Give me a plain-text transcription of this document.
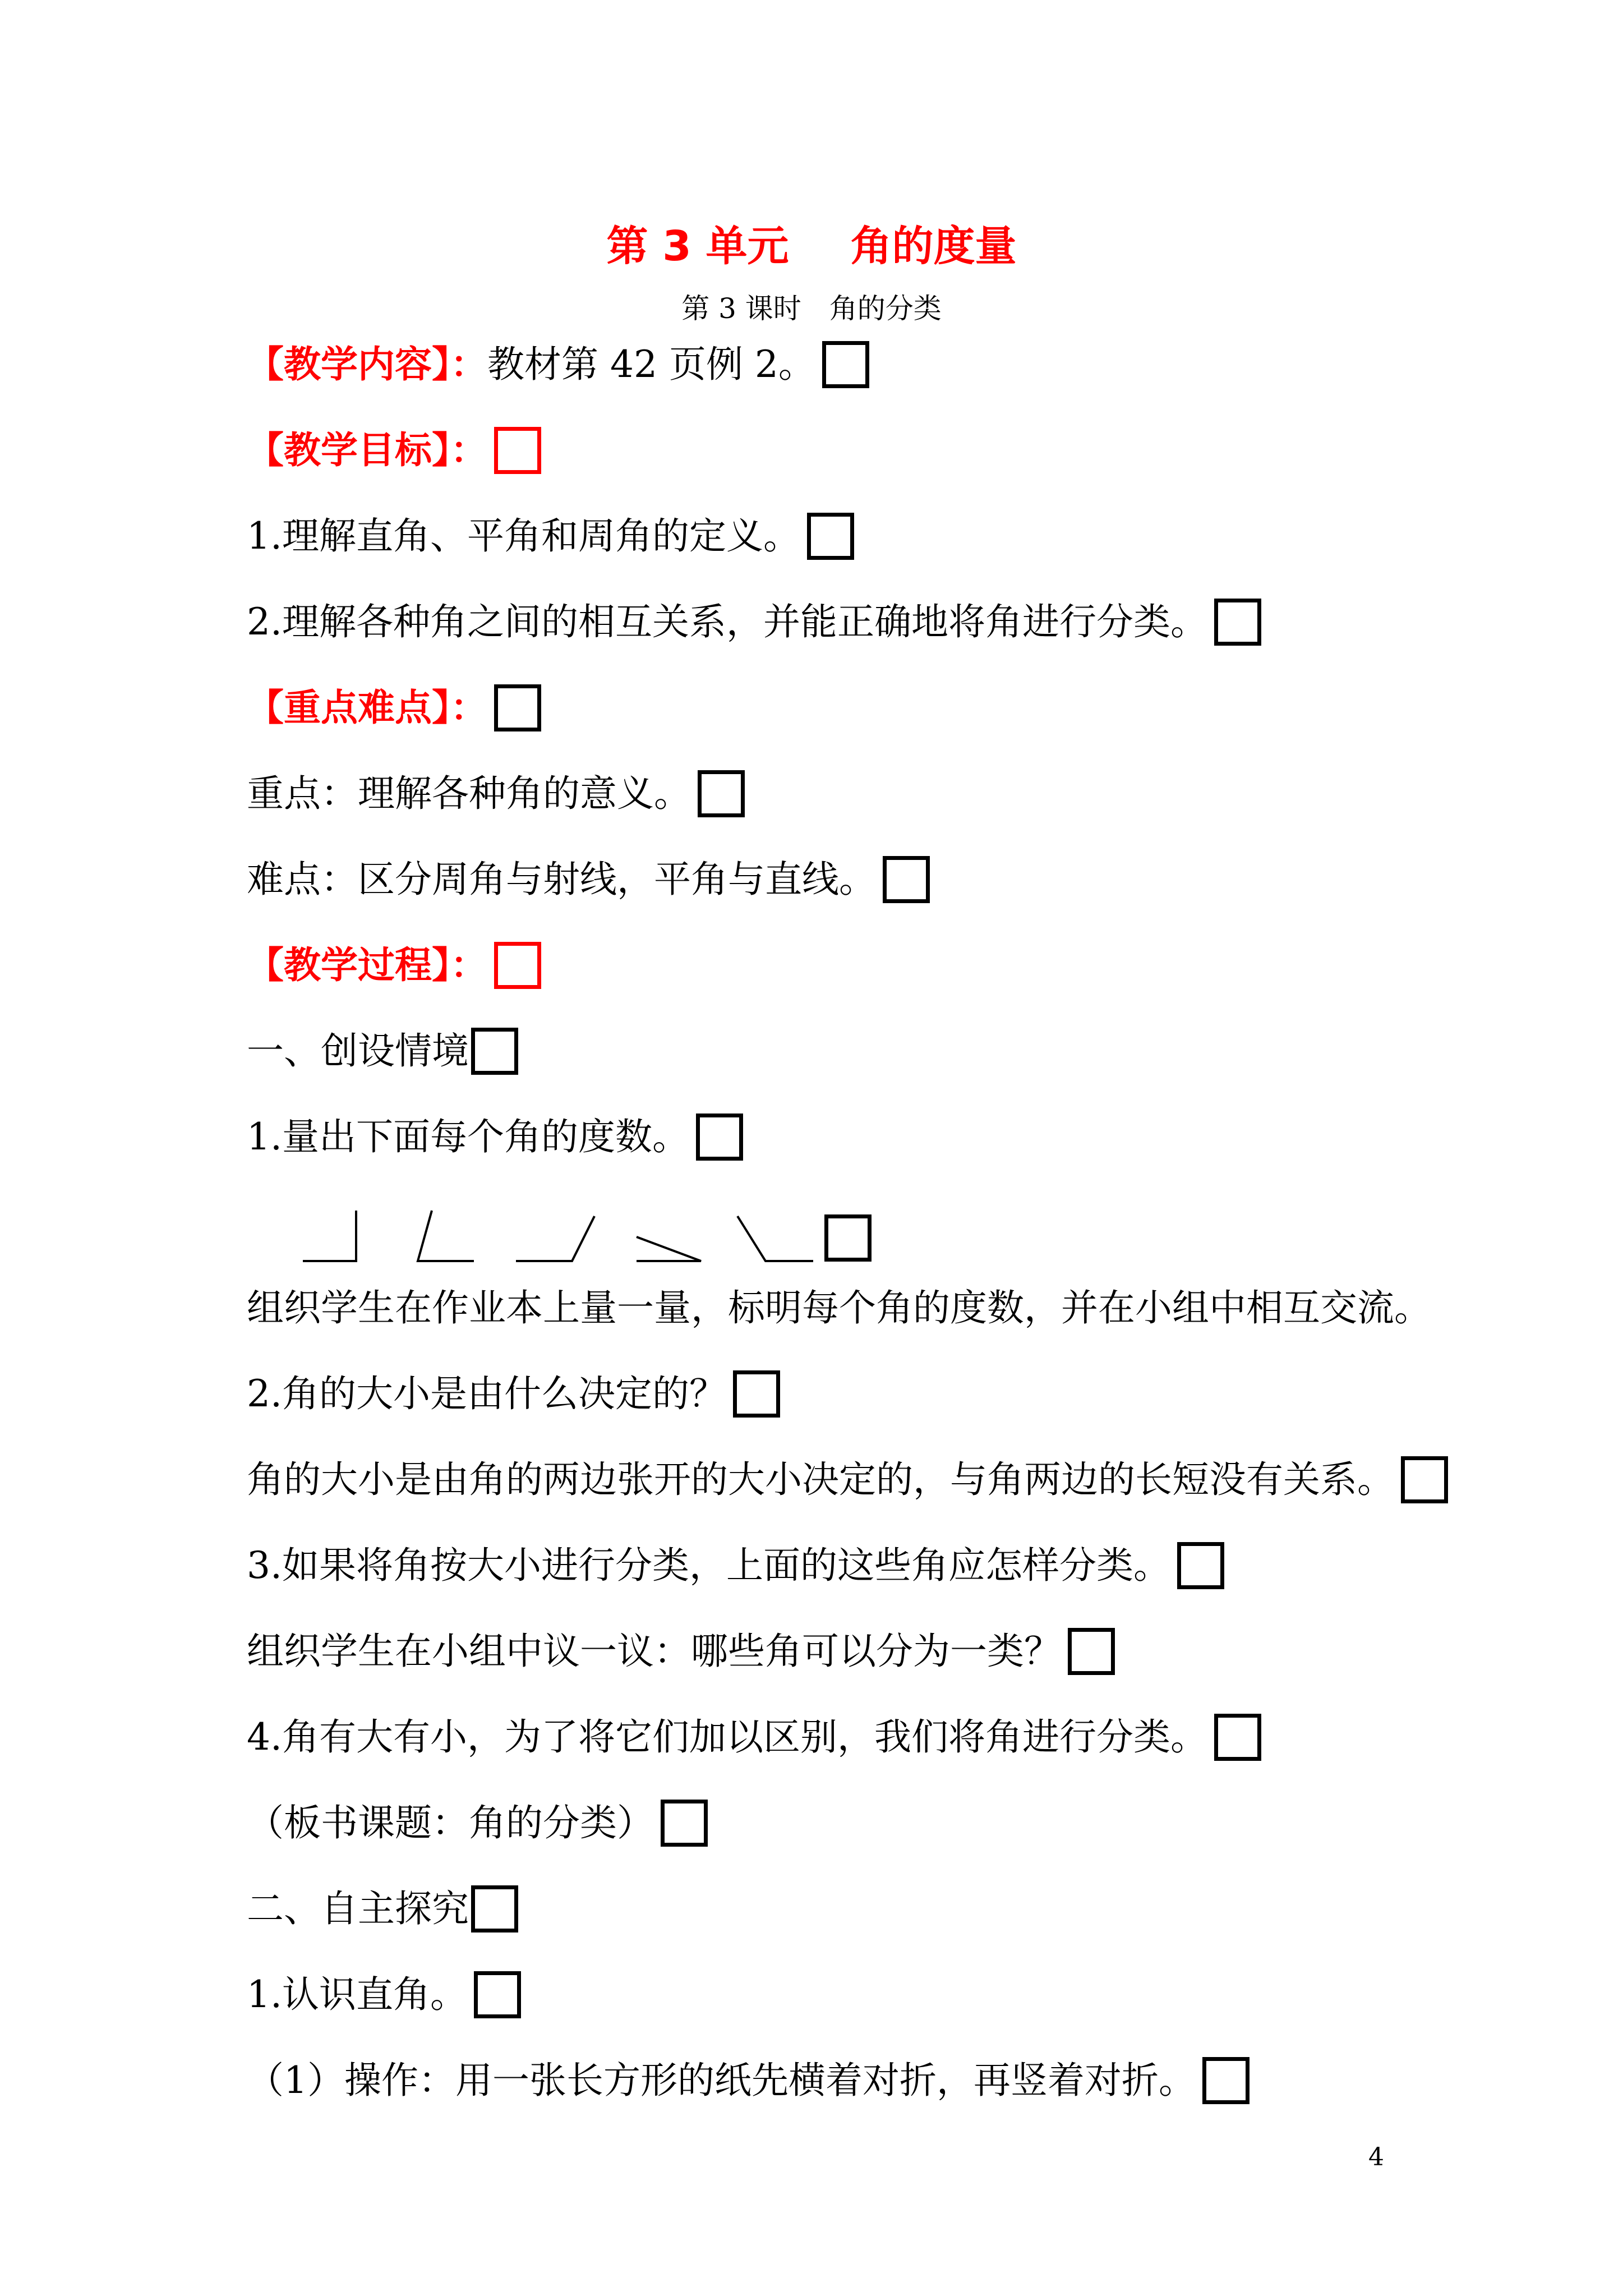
第 3 单元 角的度量
第 3 课时 角的分类
【教学内容】： 教材第 42 页例 2。
【教学目标】：
1.理解直角、平角和周角的定义。
2.理解各种角之间的相互关系，并能正确地将角进行分类。
【重点难点】：
重点：理解各种角的意义。
难点：区分周角与射线，平角与直线。
【教学过程】：
一、创设情境
1.量出下面每个角的度数。
组织学生在作业本上量一量，标明每个角的度数，并在小组中相互交流。
2.角的大小是由什么决定的？
角的大小是由角的两边张开的大小决定的，与角两边的长短没有关系。
3.如果将角按大小进行分类，上面的这些角应怎样分类。
组织学生在小组中议一议：哪些角可以分为一类？
4.角有大有小，为了将它们加以区别，我们将角进行分类。
（板书课题：角的分类）
二、自主探究
1.认识直角。
（1）操作：用一张长方形的纸先横着对折，再竖着对折。
4
